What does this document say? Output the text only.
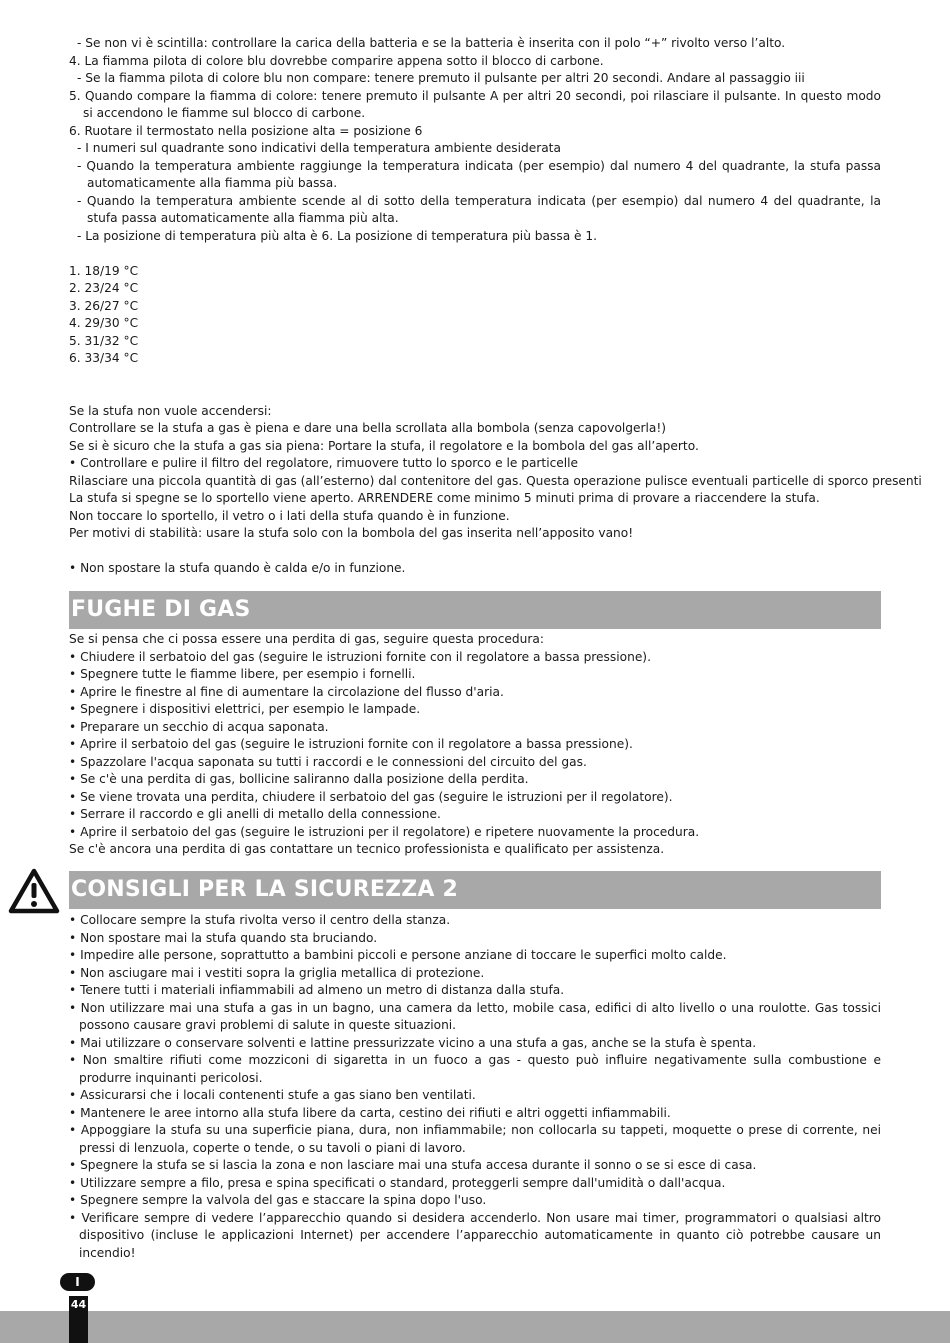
- Se non vi è scintilla: controllare la carica della batteria e se la batteria è inserita con il polo “+” rivolto verso l’alto.
4. La fiamma pilota di colore blu dovrebbe comparire appena sotto il blocco di carbone.
- Se la fiamma pilota di colore blu non compare: tenere premuto il pulsante per altri 20 secondi. Andare al passaggio iii
5. Quando compare la fiamma di colore: tenere premuto il pulsante A per altri 20 secondi, poi rilasciare il pulsante. In questo modo si accendono le fiamme sul blocco di carbone.
6. Ruotare il termostato nella posizione alta = posizione 6
- I numeri sul quadrante sono indicativi della temperatura ambiente desiderata
- Quando la temperatura ambiente raggiunge la temperatura indicata (per esempio) dal numero 4 del quadrante, la stufa passa automaticamente alla fiamma più bassa.
- Quando la temperatura ambiente scende al di sotto della temperatura indicata (per esempio) dal numero 4 del quadrante, la stufa passa automaticamente alla fiamma più alta.
- La posizione di temperatura più alta è 6. La posizione di temperatura più bassa è 1.
1. 18/19 °C
2. 23/24 °C
3. 26/27 °C
4. 29/30 °C
5. 31/32 °C
6. 33/34 °C
Se la stufa non vuole accendersi:
Controllare se la stufa a gas è piena e dare una bella scrollata alla bombola (senza capovolgerla!)
Se si è sicuro che la stufa a gas sia piena: Portare la stufa, il regolatore e la bombola del gas all’aperto.
• Controllare e pulire il filtro del regolatore, rimuovere tutto lo sporco e le particelle
Rilasciare una piccola quantità di gas (all’esterno) dal contenitore del gas. Questa operazione pulisce eventuali particelle di sporco presenti
La stufa si spegne se lo sportello viene aperto. ARRENDERE come minimo 5 minuti prima di provare a riaccendere la stufa.
Non toccare lo sportello, il vetro o i lati della stufa quando è in funzione.
Per motivi di stabilità: usare la stufa solo con la bombola del gas inserita nell’apposito vano!
• Non spostare la stufa quando è calda e/o in funzione.
FUGHE DI GAS
Se si pensa che ci possa essere una perdita di gas, seguire questa procedura:
• Chiudere il serbatoio del gas (seguire le istruzioni fornite con il regolatore a bassa pressione).
• Spegnere tutte le fiamme libere, per esempio i fornelli.
• Aprire le finestre al fine di aumentare la circolazione del flusso d'aria.
• Spegnere i dispositivi elettrici, per esempio le lampade.
• Preparare un secchio di acqua saponata.
• Aprire il serbatoio del gas (seguire le istruzioni fornite con il regolatore a bassa pressione).
• Spazzolare l'acqua saponata su tutti i raccordi e le connessioni del circuito del gas.
• Se c'è una perdita di gas, bollicine saliranno dalla posizione della perdita.
• Se viene trovata una perdita, chiudere il serbatoio del gas (seguire le istruzioni per il regolatore).
• Serrare il raccordo e gli anelli di metallo della connessione.
• Aprire il serbatoio del gas (seguire le istruzioni per il regolatore) e ripetere nuovamente la procedura.
Se c'è ancora una perdita di gas contattare un tecnico professionista e qualificato per assistenza.
CONSIGLI PER LA SICUREZZA 2
• Collocare sempre la stufa rivolta verso il centro della stanza.
• Non spostare mai la stufa quando sta bruciando.
• Impedire alle persone, soprattutto a bambini piccoli e persone anziane di toccare le superfici molto calde.
• Non asciugare mai i vestiti sopra la griglia metallica di protezione.
• Tenere tutti i materiali infiammabili ad almeno un metro di distanza dalla stufa.
• Non utilizzare mai una stufa a gas in un bagno, una camera da letto, mobile casa, edifici di alto livello o una roulotte. Gas tossici possono causare gravi problemi di salute in queste situazioni.
• Mai utilizzare o conservare solventi e lattine pressurizzate vicino a una stufa a gas, anche se la stufa è spenta.
• Non smaltire rifiuti come mozziconi di sigaretta in un fuoco a gas - questo può influire negativamente sulla combustione e produrre inquinanti pericolosi.
• Assicurarsi che i locali contenenti stufe a gas siano ben ventilati.
• Mantenere le aree intorno alla stufa libere da carta, cestino dei rifiuti e altri oggetti infiammabili.
• Appoggiare la stufa su una superficie piana, dura, non infiammabile; non collocarla su tappeti, moquette o prese di corrente, nei pressi di lenzuola, coperte o tende, o su tavoli o piani di lavoro.
• Spegnere la stufa se si lascia la zona e non lasciare mai una stufa accesa durante il sonno o se si esce di casa.
• Utilizzare sempre a filo, presa e spina specificati o standard, proteggerli sempre dall'umidità o dall'acqua.
• Spegnere sempre la valvola del gas e staccare la spina dopo l'uso.
• Verificare sempre di vedere l’apparecchio quando si desidera accenderlo. Non usare mai timer, programmatori o qualsiasi altro dispositivo (incluse le applicazioni Internet) per accendere l’apparecchio automaticamente in quanto ciò potrebbe causare un incendio!
I
44
